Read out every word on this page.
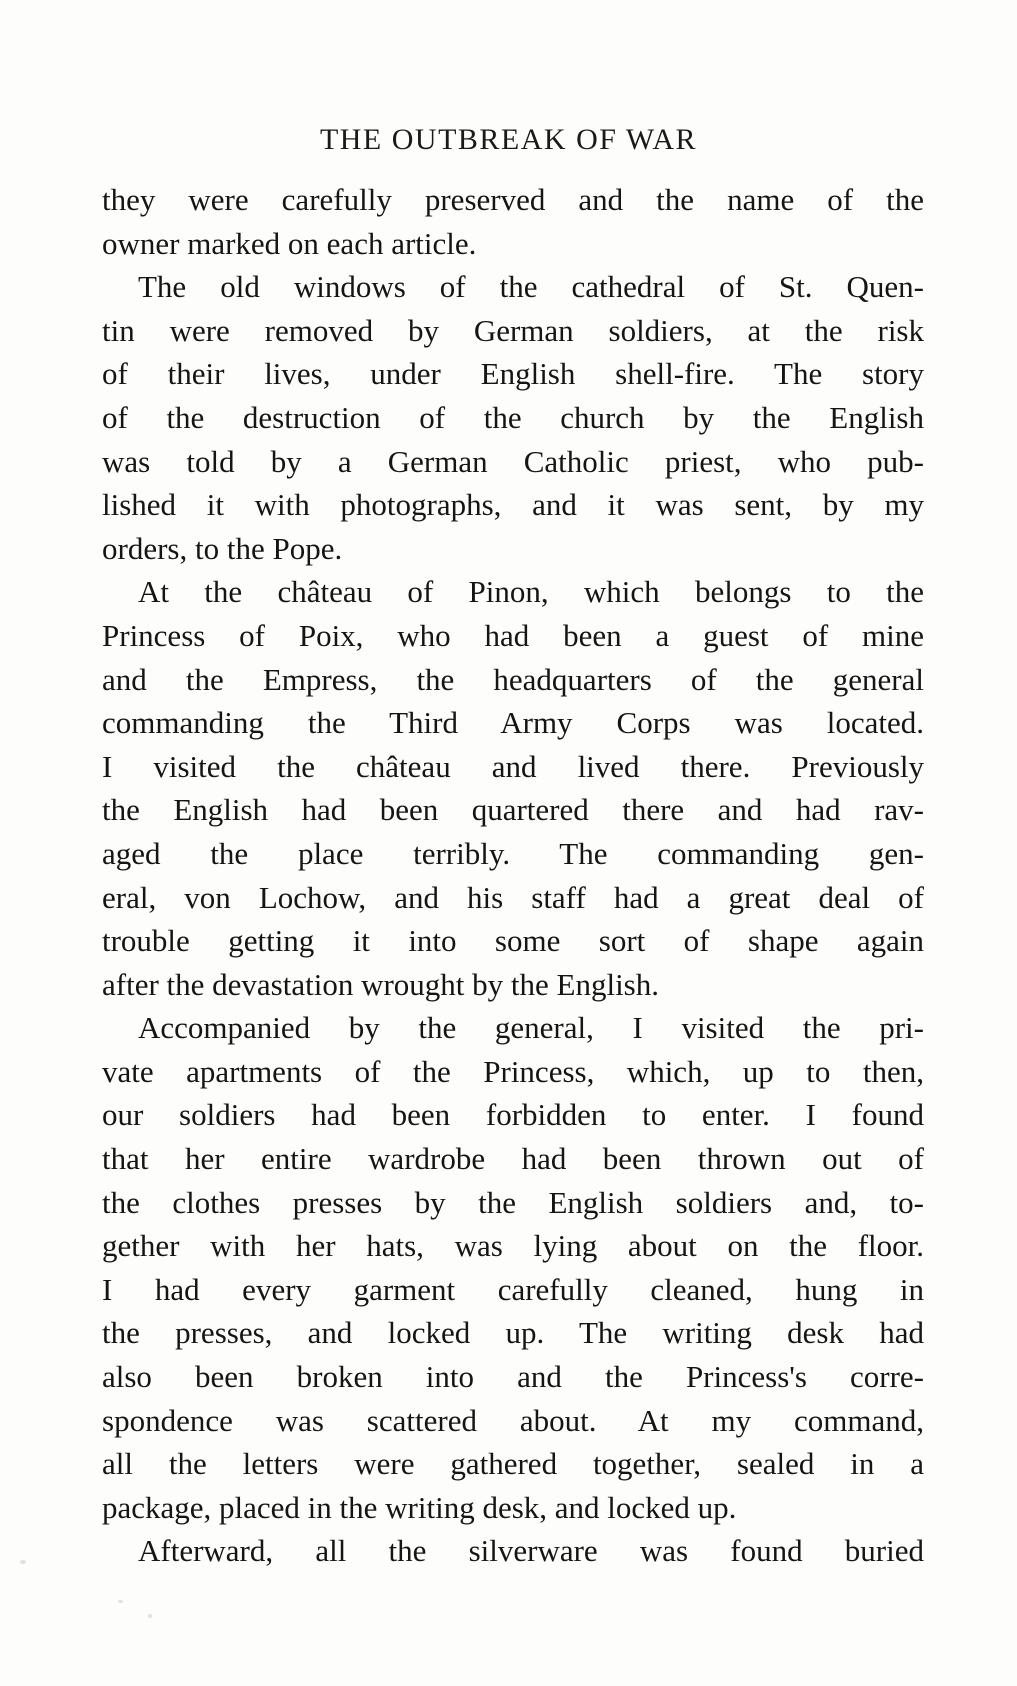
THE OUTBREAK OF WAR
they were carefully preserved and the name of the
owner marked on each article.
The old windows of the cathedral of St. Quen-
tin were removed by German soldiers, at the risk
of their lives, under English shell-fire. The story
of the destruction of the church by the English
was told by a German Catholic priest, who pub-
lished it with photographs, and it was sent, by my
orders, to the Pope.
At the château of Pinon, which belongs to the
Princess of Poix, who had been a guest of mine
and the Empress, the headquarters of the general
commanding the Third Army Corps was located.
I visited the château and lived there. Previously
the English had been quartered there and had rav-
aged the place terribly. The commanding gen-
eral, von Lochow, and his staff had a great deal of
trouble getting it into some sort of shape again
after the devastation wrought by the English.
Accompanied by the general, I visited the pri-
vate apartments of the Princess, which, up to then,
our soldiers had been forbidden to enter. I found
that her entire wardrobe had been thrown out of
the clothes presses by the English soldiers and, to-
gether with her hats, was lying about on the floor.
I had every garment carefully cleaned, hung in
the presses, and locked up. The writing desk had
also been broken into and the Princess's corre-
spondence was scattered about. At my command,
all the letters were gathered together, sealed in a
package, placed in the writing desk, and locked up.
Afterward, all the silverware was found buried
